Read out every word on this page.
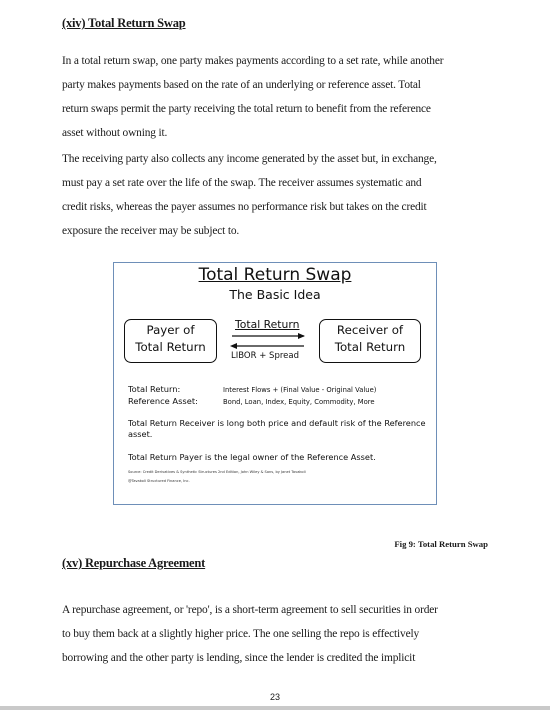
(xiv) Total Return Swap

In a total return swap, one party makes payments according to a set rate, while another
party makes payments based on the rate of an underlying or reference asset. Total
return swaps permit the party receiving the total return to benefit from the reference
asset without owning it.

The receiving party also collects any income generated by the asset but, in exchange,
must pay a set rate over the life of the swap. The receiver assumes systematic and
credit risks, whereas the payer assumes no performance risk but takes on the credit
exposure the receiver may be subject to.

Total Return Swap
The Basic Idea
Payer of
Total Return
Receiver of
Total Return
Total Return
LIBOR + Spread
Total Return:	Interest Flows + (Final Value - Original Value)
Reference Asset:	Bond, Loan, Index, Equity, Commodity, More
Total Return Receiver is long both price and default risk of the Reference asset.
Total Return Payer is the legal owner of the Reference Asset.
Source: Credit Derivatives & Synthetic Structures 2nd Edition, John Wiley & Sons, by Janet Tavakoli
@Tavakoli Structured Finance, Inc.
Fig 9: Total Return Swap
(xv) Repurchase Agreement

A repurchase agreement, or 'repo', is a short-term agreement to sell securities in order
to buy them back at a slightly higher price. The one selling the repo is effectively
borrowing and the other party is lending, since the lender is credited the implicit

23
